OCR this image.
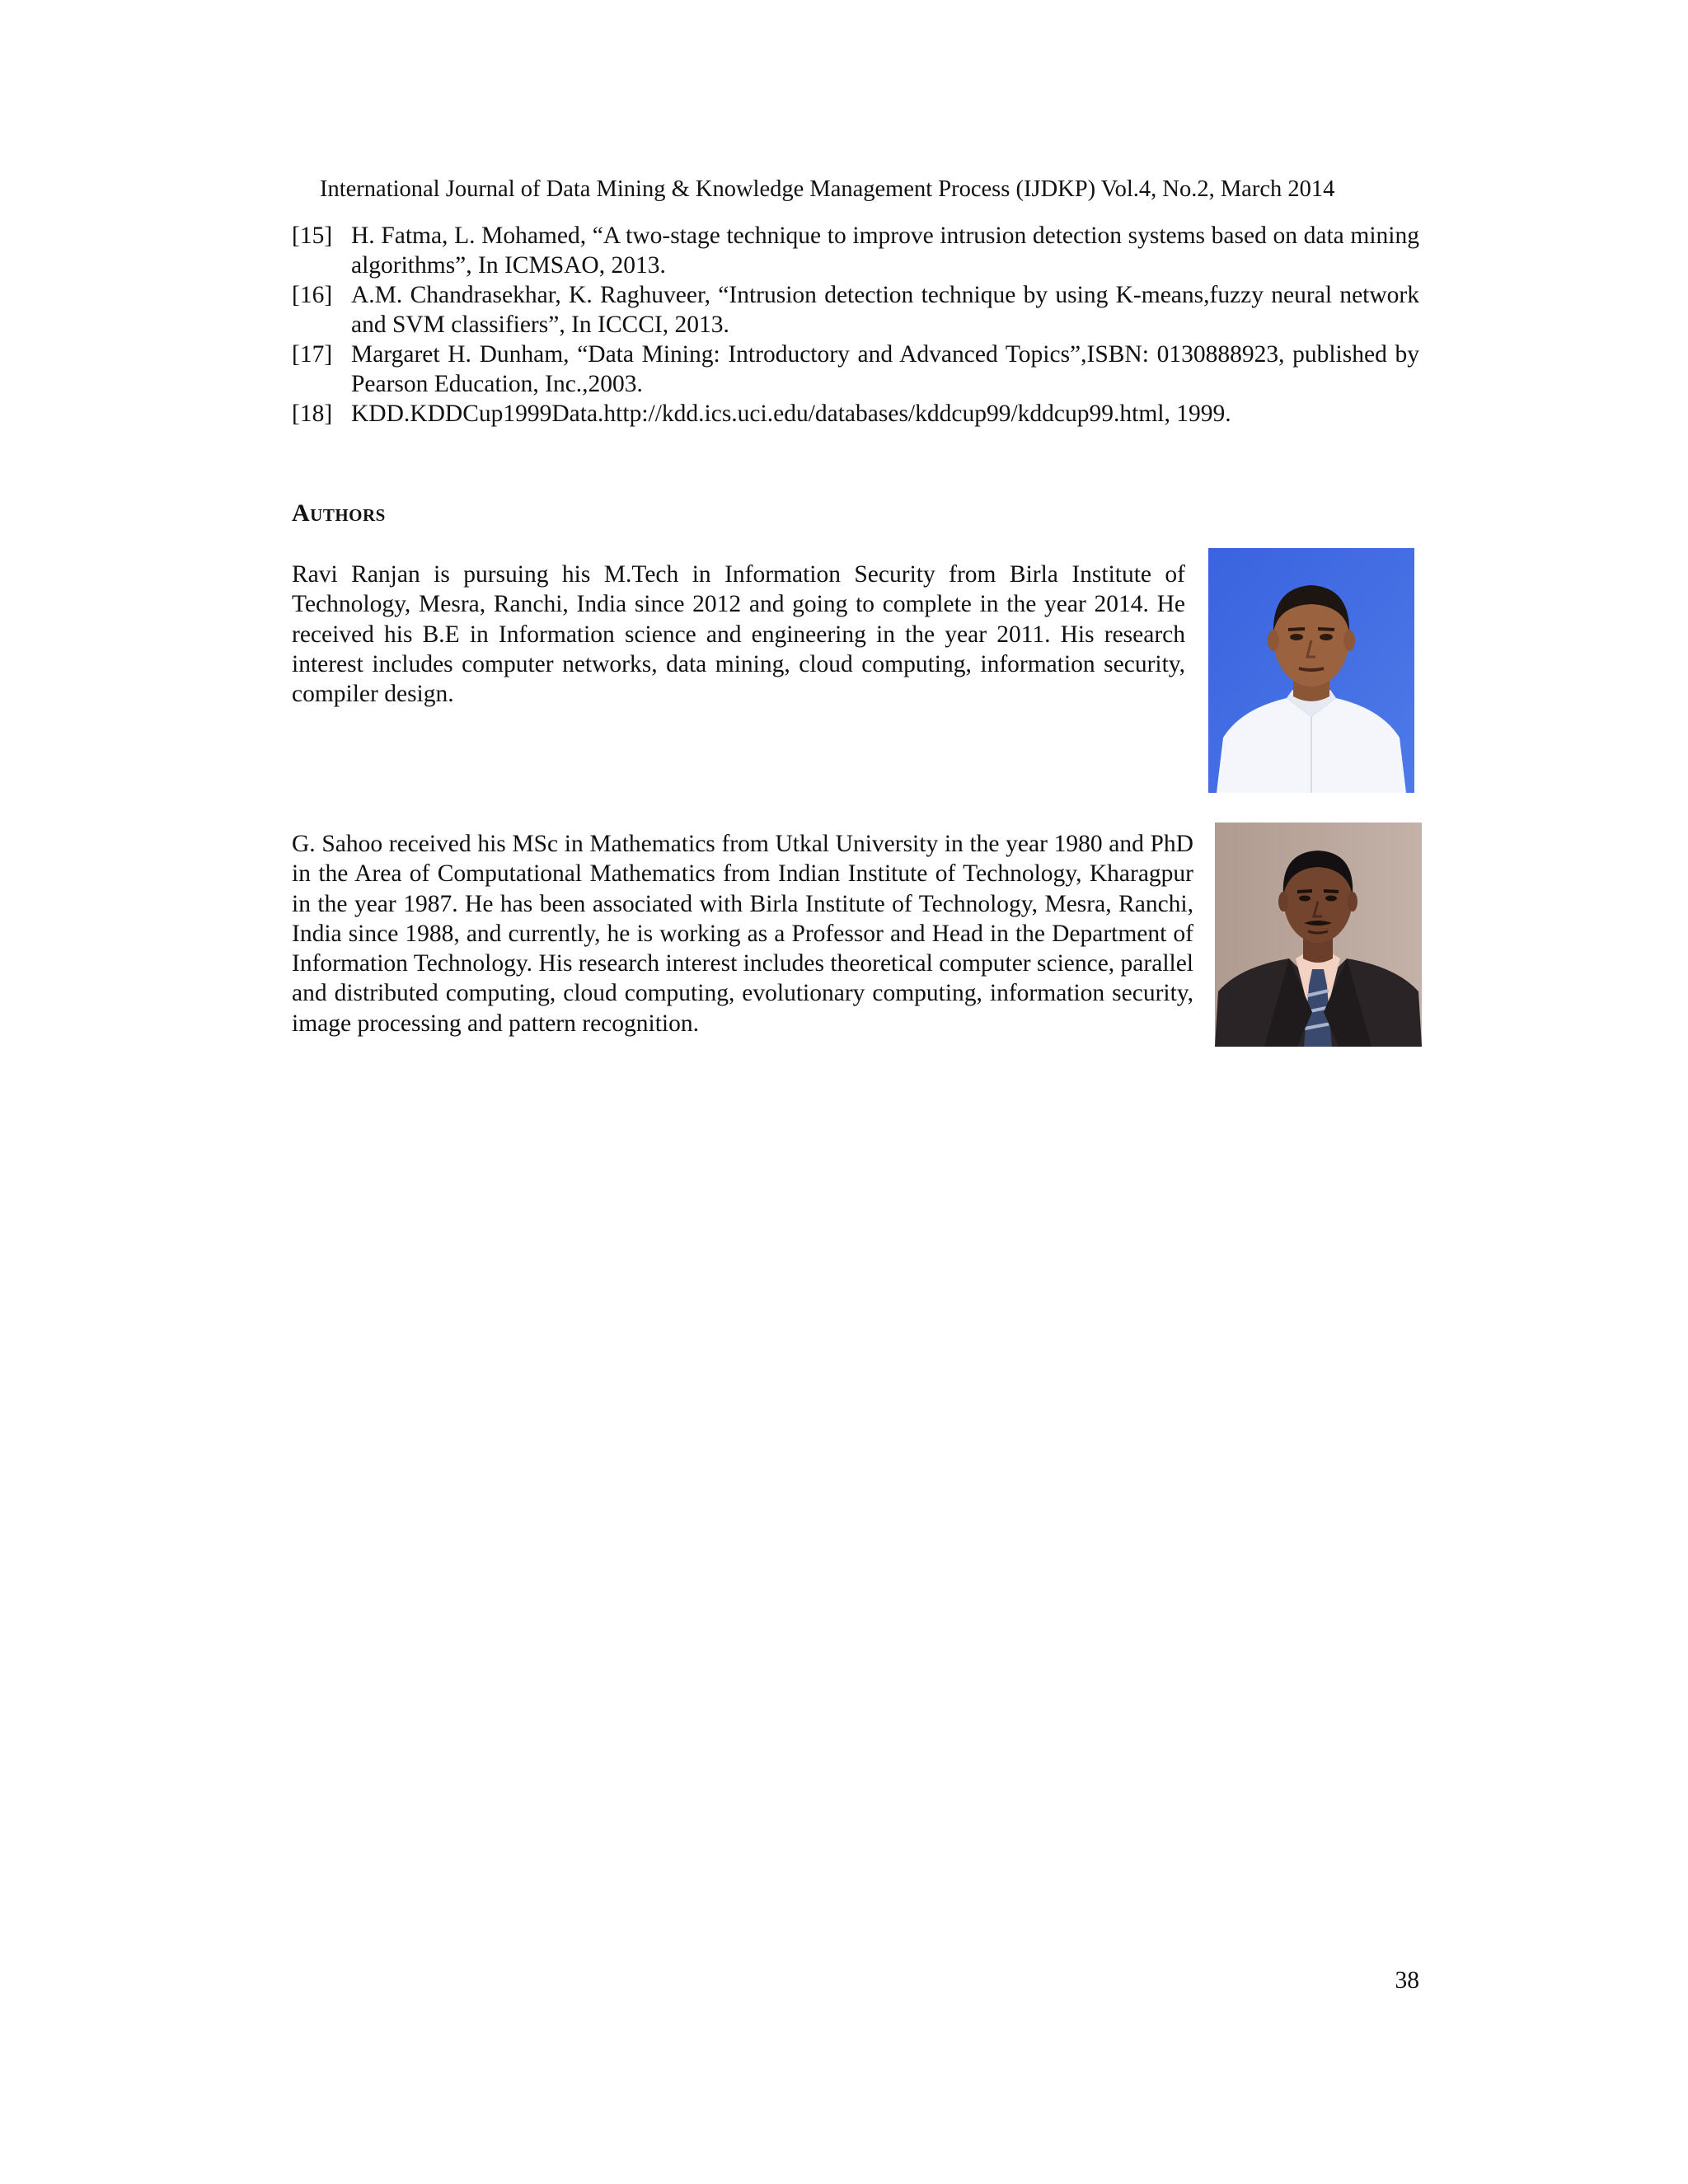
International Journal of Data Mining & Knowledge Management Process (IJDKP) Vol.4, No.2, March 2014
[15] H. Fatma, L. Mohamed, “A two-stage technique to improve intrusion detection systems based on data mining algorithms”, In ICMSAO, 2013.
[16] A.M. Chandrasekhar, K. Raghuveer, “Intrusion detection technique by using K-means,fuzzy neural network and SVM classifiers”, In ICCCI, 2013.
[17] Margaret H. Dunham, “Data Mining: Introductory and Advanced Topics”,ISBN: 0130888923, published by Pearson Education, Inc.,2003.
[18] KDD.KDDCup1999Data.http://kdd.ics.uci.edu/databases/kddcup99/kddcup99.html, 1999.
Authors
Ravi Ranjan is pursuing his M.Tech in Information Security from Birla Institute of Technology, Mesra, Ranchi, India since 2012 and going to complete in the year 2014. He received his B.E in Information science and engineering in the year 2011. His research interest includes computer networks, data mining, cloud computing, information security, compiler design.
G. Sahoo received his MSc in Mathematics from Utkal University in the year 1980 and PhD in the Area of Computational Mathematics from Indian Institute of Technology, Kharagpur in the year 1987. He has been associated with Birla Institute of Technology, Mesra, Ranchi, India since 1988, and currently, he is working as a Professor and Head in the Department of Information Technology. His research interest includes theoretical computer science, parallel and distributed computing, cloud computing, evolutionary computing, information security, image processing and pattern recognition.
38
